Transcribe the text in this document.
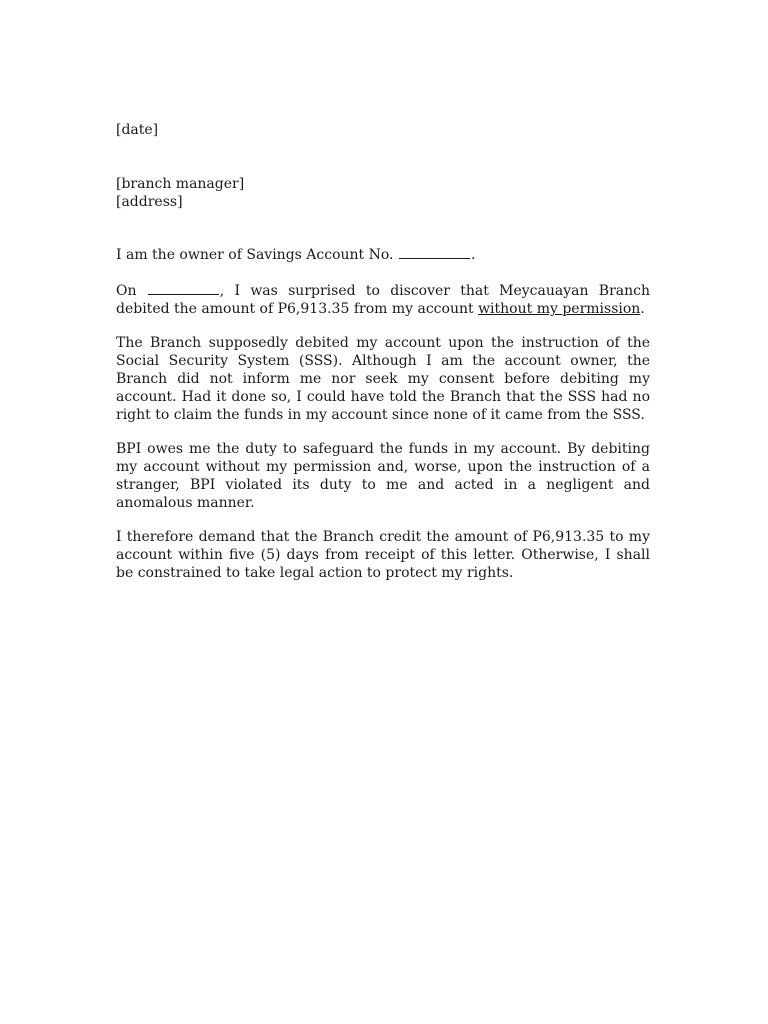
[date]

[branch manager]

[address]

I am the owner of Savings Account No.	.

On	, I was surprised to discover that Meycauayan Branch debited the amount of P6,913.35 from my account without my permission.

The Branch supposedly debited my account upon the instruction of the Social Security System (SSS). Although I am the account owner, the Branch did not inform me nor seek my consent before debiting my account. Had it done so, I could have told the Branch that the SSS had no right to claim the funds in my account since none of it came from the SSS.

BPI owes me the duty to safeguard the funds in my account. By debiting my account without my permission and, worse, upon the instruction of a stranger, BPI violated its duty to me and acted in a negligent and anomalous manner.

I therefore demand that the Branch credit the amount of P6,913.35 to my account within five (5) days from receipt of this letter. Otherwise, I shall be constrained to take legal action to protect my rights.
